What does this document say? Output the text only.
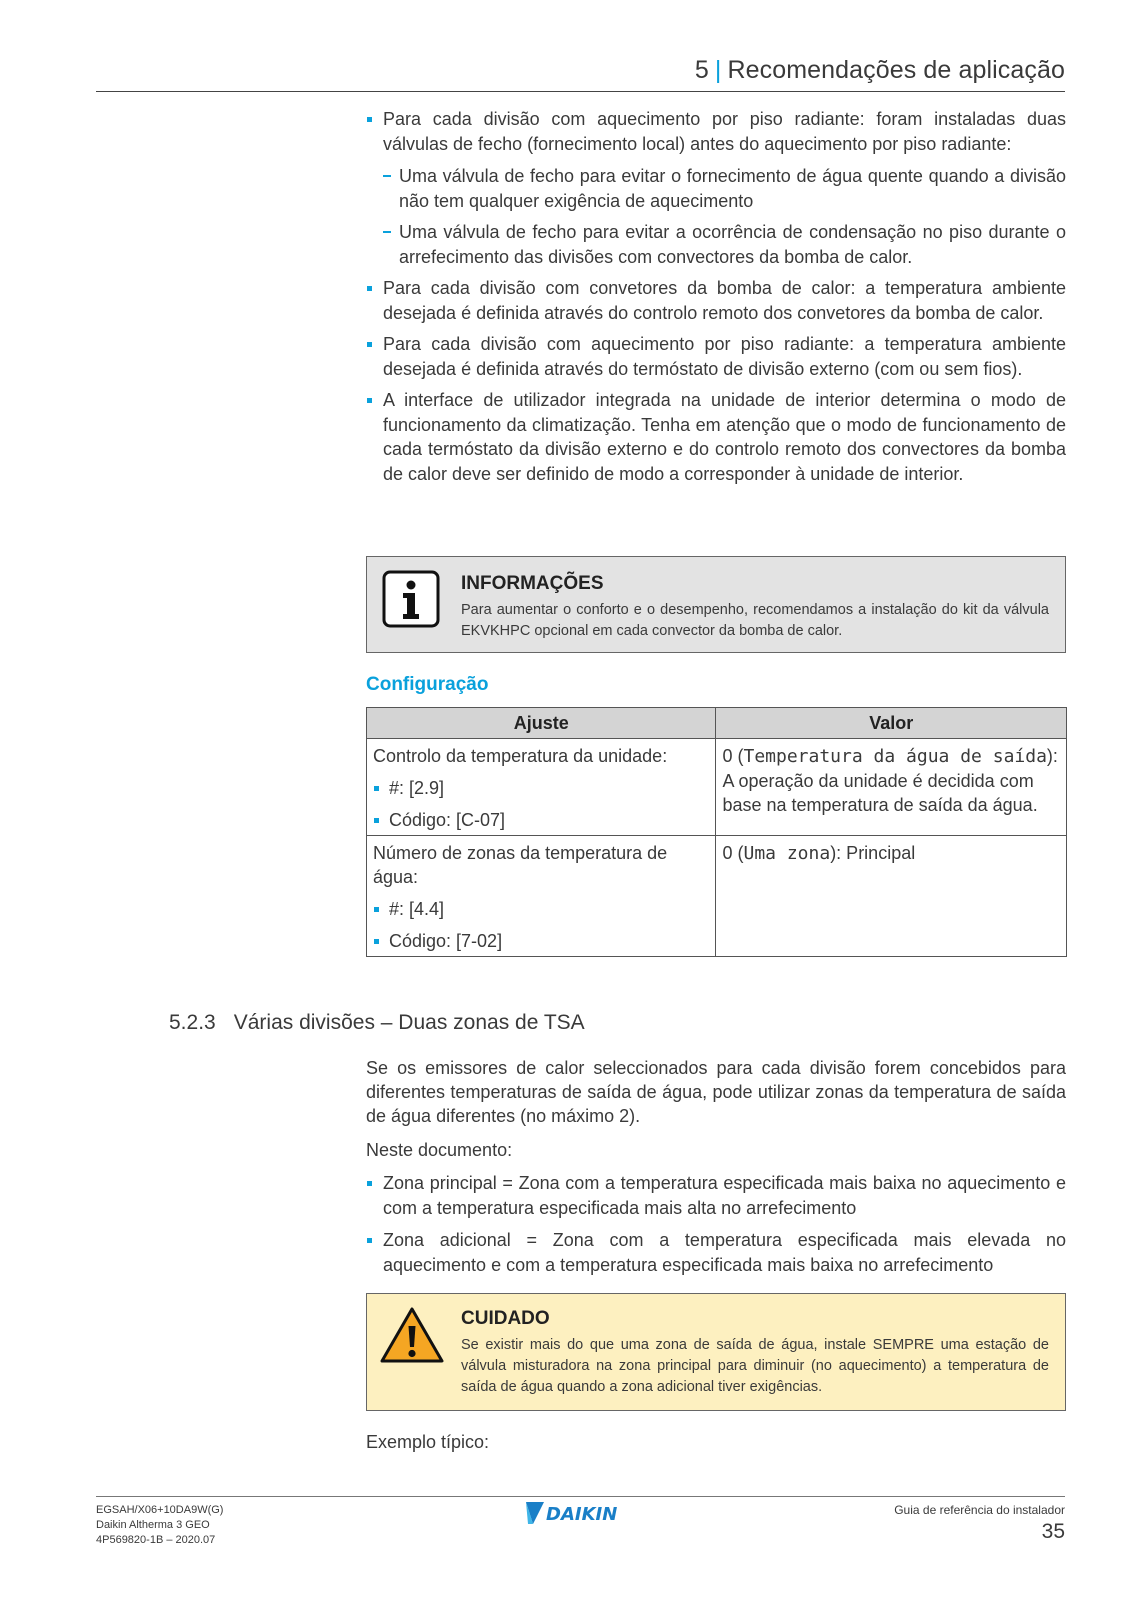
5 | Recomendações de aplicação
Para cada divisão com aquecimento por piso radiante: foram instaladas duas válvulas de fecho (fornecimento local) antes do aquecimento por piso radiante:
Uma válvula de fecho para evitar o fornecimento de água quente quando a divisão não tem qualquer exigência de aquecimento
Uma válvula de fecho para evitar a ocorrência de condensação no piso durante o arrefecimento das divisões com convectores da bomba de calor.
Para cada divisão com convetores da bomba de calor: a temperatura ambiente desejada é definida através do controlo remoto dos convetores da bomba de calor.
Para cada divisão com aquecimento por piso radiante: a temperatura ambiente desejada é definida através do termóstato de divisão externo (com ou sem fios).
A interface de utilizador integrada na unidade de interior determina o modo de funcionamento da climatização. Tenha em atenção que o modo de funcionamento de cada termóstato da divisão externo e do controlo remoto dos convectores da bomba de calor deve ser definido de modo a corresponder à unidade de interior.
INFORMAÇÕES
Para aumentar o conforto e o desempenho, recomendamos a instalação do kit da válvula EKVKHPC opcional em cada convector da bomba de calor.
Configuração
Ajuste	Valor

Controlo da temperatura da unidade:
#: [2.9]
Código: [C-07]	0 (Temperatura da água de saída): A operação da unidade é decidida com base na temperatura de saída da água.

Número de zonas da temperatura de água:
#: [4.4]
Código: [7-02]	0 (Uma zona): Principal
5.2.3 Várias divisões – Duas zonas de TSA

Se os emissores de calor seleccionados para cada divisão forem concebidos para diferentes temperaturas de saída de água, pode utilizar zonas da temperatura de saída de água diferentes (no máximo 2).

Neste documento:

Zona principal = Zona com a temperatura especificada mais baixa no aquecimento e com a temperatura especificada mais alta no arrefecimento
Zona adicional = Zona com a temperatura especificada mais elevada no aquecimento e com a temperatura especificada mais baixa no arrefecimento
CUIDADO
Se existir mais do que uma zona de saída de água, instale SEMPRE uma estação de válvula misturadora na zona principal para diminuir (no aquecimento) a temperatura de saída de água quando a zona adicional tiver exigências.

Exemplo típico:

EGSAH/X06+10DA9W(G)
Daikin Altherma 3 GEO
4P569820-1B – 2020.07
DAIKIN	Guia de referência do instalador
35
